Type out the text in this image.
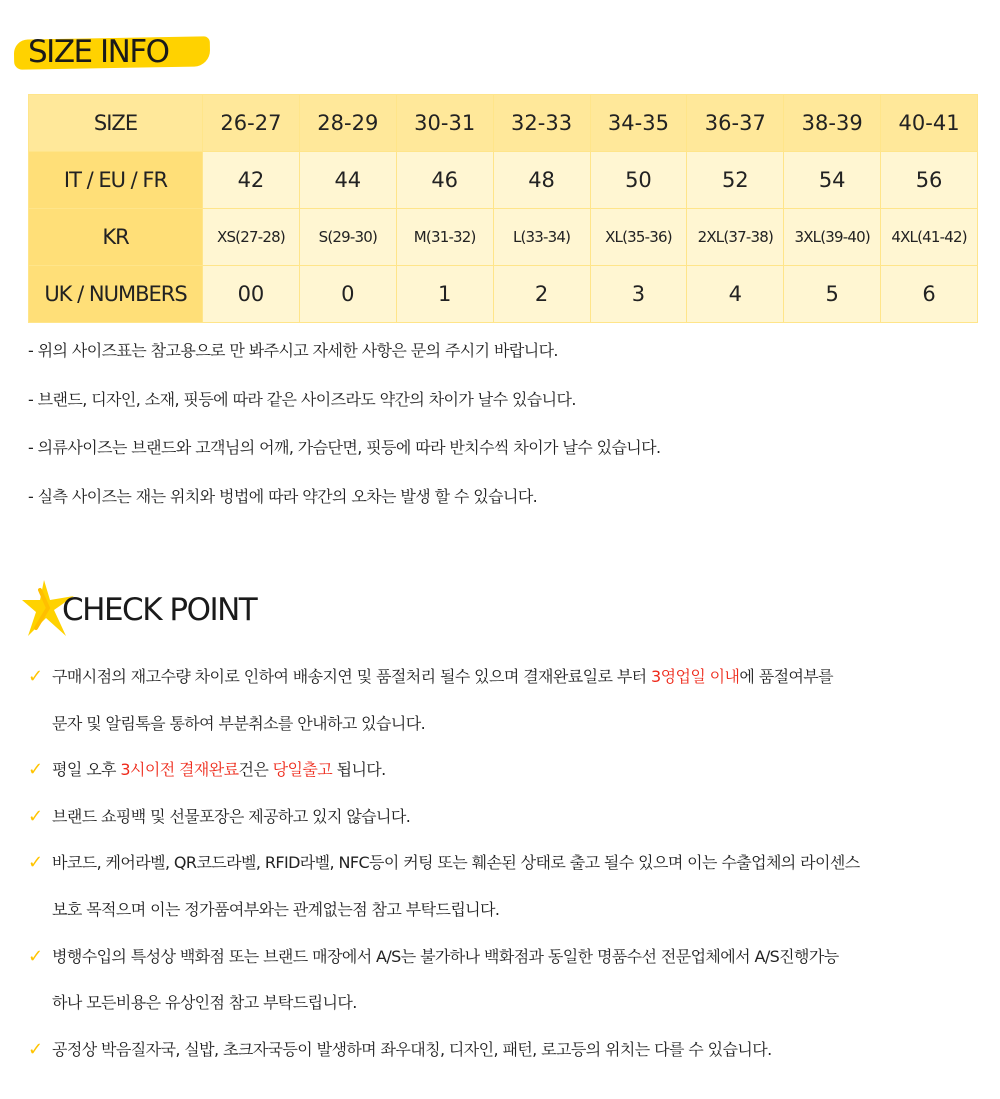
SIZE INFO
SIZE	26-27	28-29	30-31	32-33	34-35	36-37	38-39	40-41
IT / EU / FR	42	44	46	48	50	52	54	56
KR	XS(27-28)	S(29-30)	M(31-32)	L(33-34)	XL(35-36)	2XL(37-38)	3XL(39-40)	4XL(41-42)
UK / NUMBERS	00	0	1	2	3	4	5	6
- 위의 사이즈표는 참고용으로 만 봐주시고 자세한 사항은 문의 주시기 바랍니다.
- 브랜드, 디자인, 소재, 핏등에 따라 같은 사이즈라도 약간의 차이가 날수 있습니다.
- 의류사이즈는 브랜드와 고객님의 어깨, 가슴단면, 핏등에 따라 반치수씩 차이가 날수 있습니다.
- 실측 사이즈는 재는 위치와 벙법에 따라 약간의 오차는 발생 할 수 있습니다.
CHECK POINT
✓ 구매시점의 재고수량 차이로 인하여 배송지연 및 품절처리 될수 있으며 결재완료일로 부터 3영업일 이내에 품절여부를
문자 및 알림톡을 통하여 부분취소를 안내하고 있습니다.
✓ 평일 오후 3시이전 결재완료건은 당일출고 됩니다.
✓ 브랜드 쇼핑백 및 선물포장은 제공하고 있지 않습니다.
✓ 바코드, 케어라벨, QR코드라벨, RFID라벨, NFC등이 커팅 또는 훼손된 상태로 출고 될수 있으며 이는 수출업체의 라이센스
보호 목적으며 이는 정가품여부와는 관계없는점 참고 부탁드립니다.
✓ 병행수입의 특성상 백화점 또는 브랜드 매장에서 A/S는 불가하나 백화점과 동일한 명품수선 전문업체에서 A/S진행가능
하나 모든비용은 유상인점 참고 부탁드립니다.
✓ 공정상 박음질자국, 실밥, 초크자국등이 발생하며 좌우대칭, 디자인, 패턴, 로고등의 위치는 다를 수 있습니다.
